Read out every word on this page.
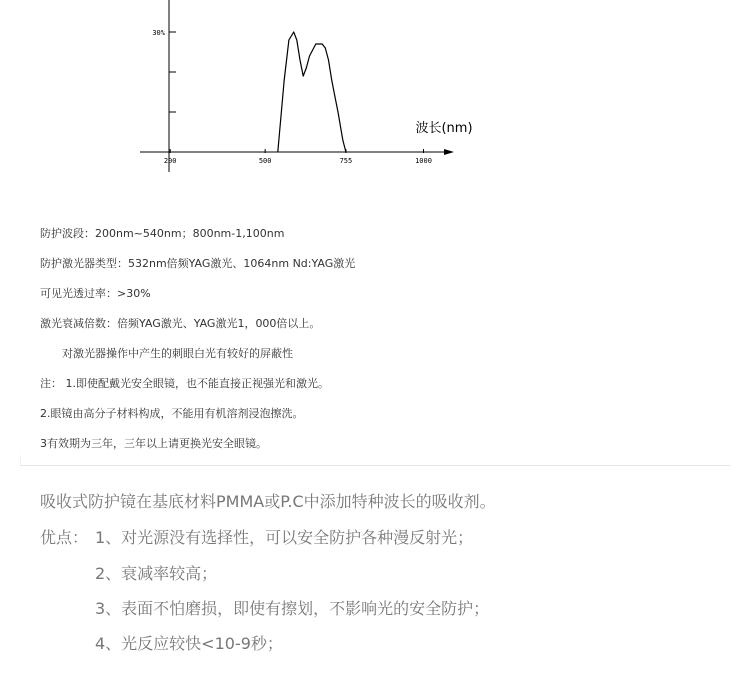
30%
200	500	755	1000
波长(nm)
防护波段：200nm~540nm；800nm-1,100nm
防护激光器类型：532nm倍频YAG激光、1064nm Nd:YAG激光
可见光透过率：>30%
激光衰减倍数：倍频YAG激光、YAG激光1，000倍以上。
对激光器操作中产生的刺眼白光有较好的屏蔽性
注： 1.即使配戴光安全眼镜，也不能直接正视强光和激光。
2.眼镜由高分子材料构成，不能用有机溶剂浸泡擦洗。
3有效期为三年，三年以上请更换光安全眼镜。
吸收式防护镜在基底材料PMMA或P.C中添加特种波长的吸收剂。
优点： 1、对光源没有选择性，可以安全防护各种漫反射光；
2、衰减率较高；
3、表面不怕磨损，即使有擦划，不影响光的安全防护；
4、光反应较快<10-9秒；
